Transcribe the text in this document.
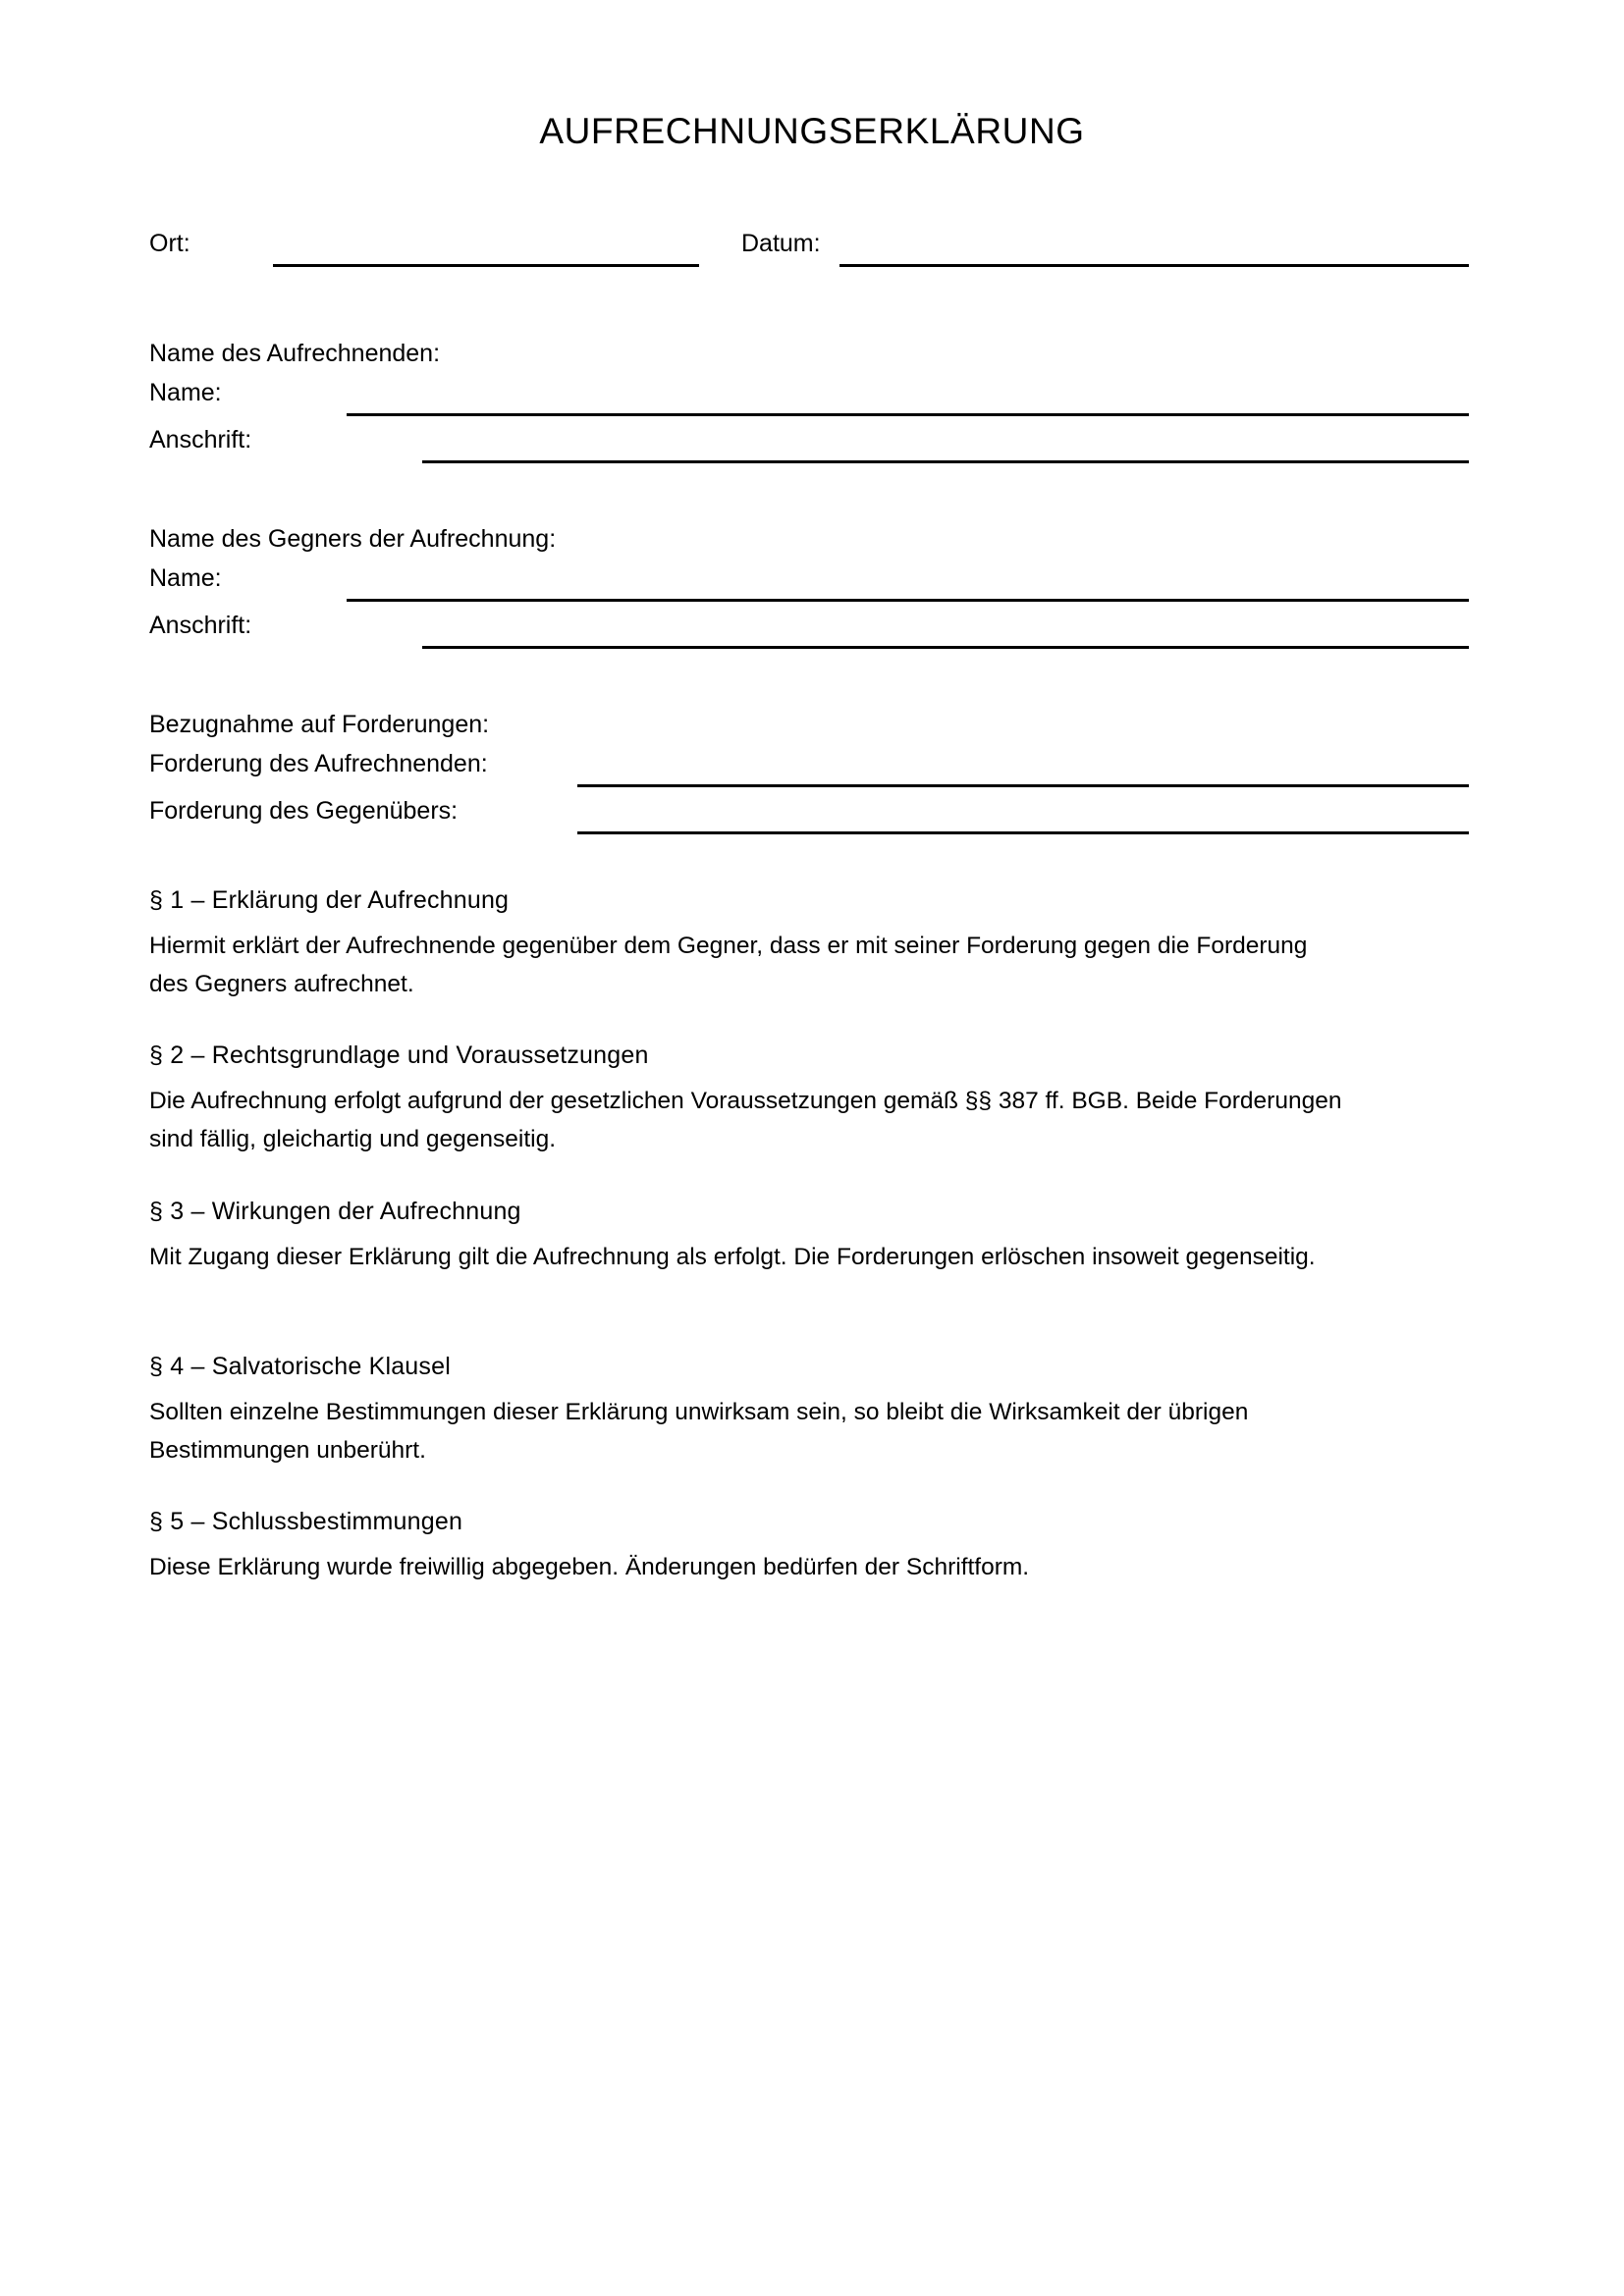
AUFRECHNUNGSERKLÄRUNG
Ort:	Datum:
Name des Aufrechnenden:
Name:
Anschrift:
Name des Gegners der Aufrechnung:
Name:
Anschrift:
Bezugnahme auf Forderungen:
Forderung des Aufrechnenden:
Forderung des Gegenübers:
§ 1 – Erklärung der Aufrechnung

Hiermit erklärt der Aufrechnende gegenüber dem Gegner, dass er mit seiner Forderung gegen die Forderung des Gegners aufrechnet.

§ 2 – Rechtsgrundlage und Voraussetzungen

Die Aufrechnung erfolgt aufgrund der gesetzlichen Voraussetzungen gemäß §§ 387 ff. BGB. Beide Forderungen sind fällig, gleichartig und gegenseitig.

§ 3 – Wirkungen der Aufrechnung

Mit Zugang dieser Erklärung gilt die Aufrechnung als erfolgt. Die Forderungen erlöschen insoweit gegenseitig.

§ 4 – Salvatorische Klausel

Sollten einzelne Bestimmungen dieser Erklärung unwirksam sein, so bleibt die Wirksamkeit der übrigen Bestimmungen unberührt.

§ 5 – Schlussbestimmungen

Diese Erklärung wurde freiwillig abgegeben. Änderungen bedürfen der Schriftform.
